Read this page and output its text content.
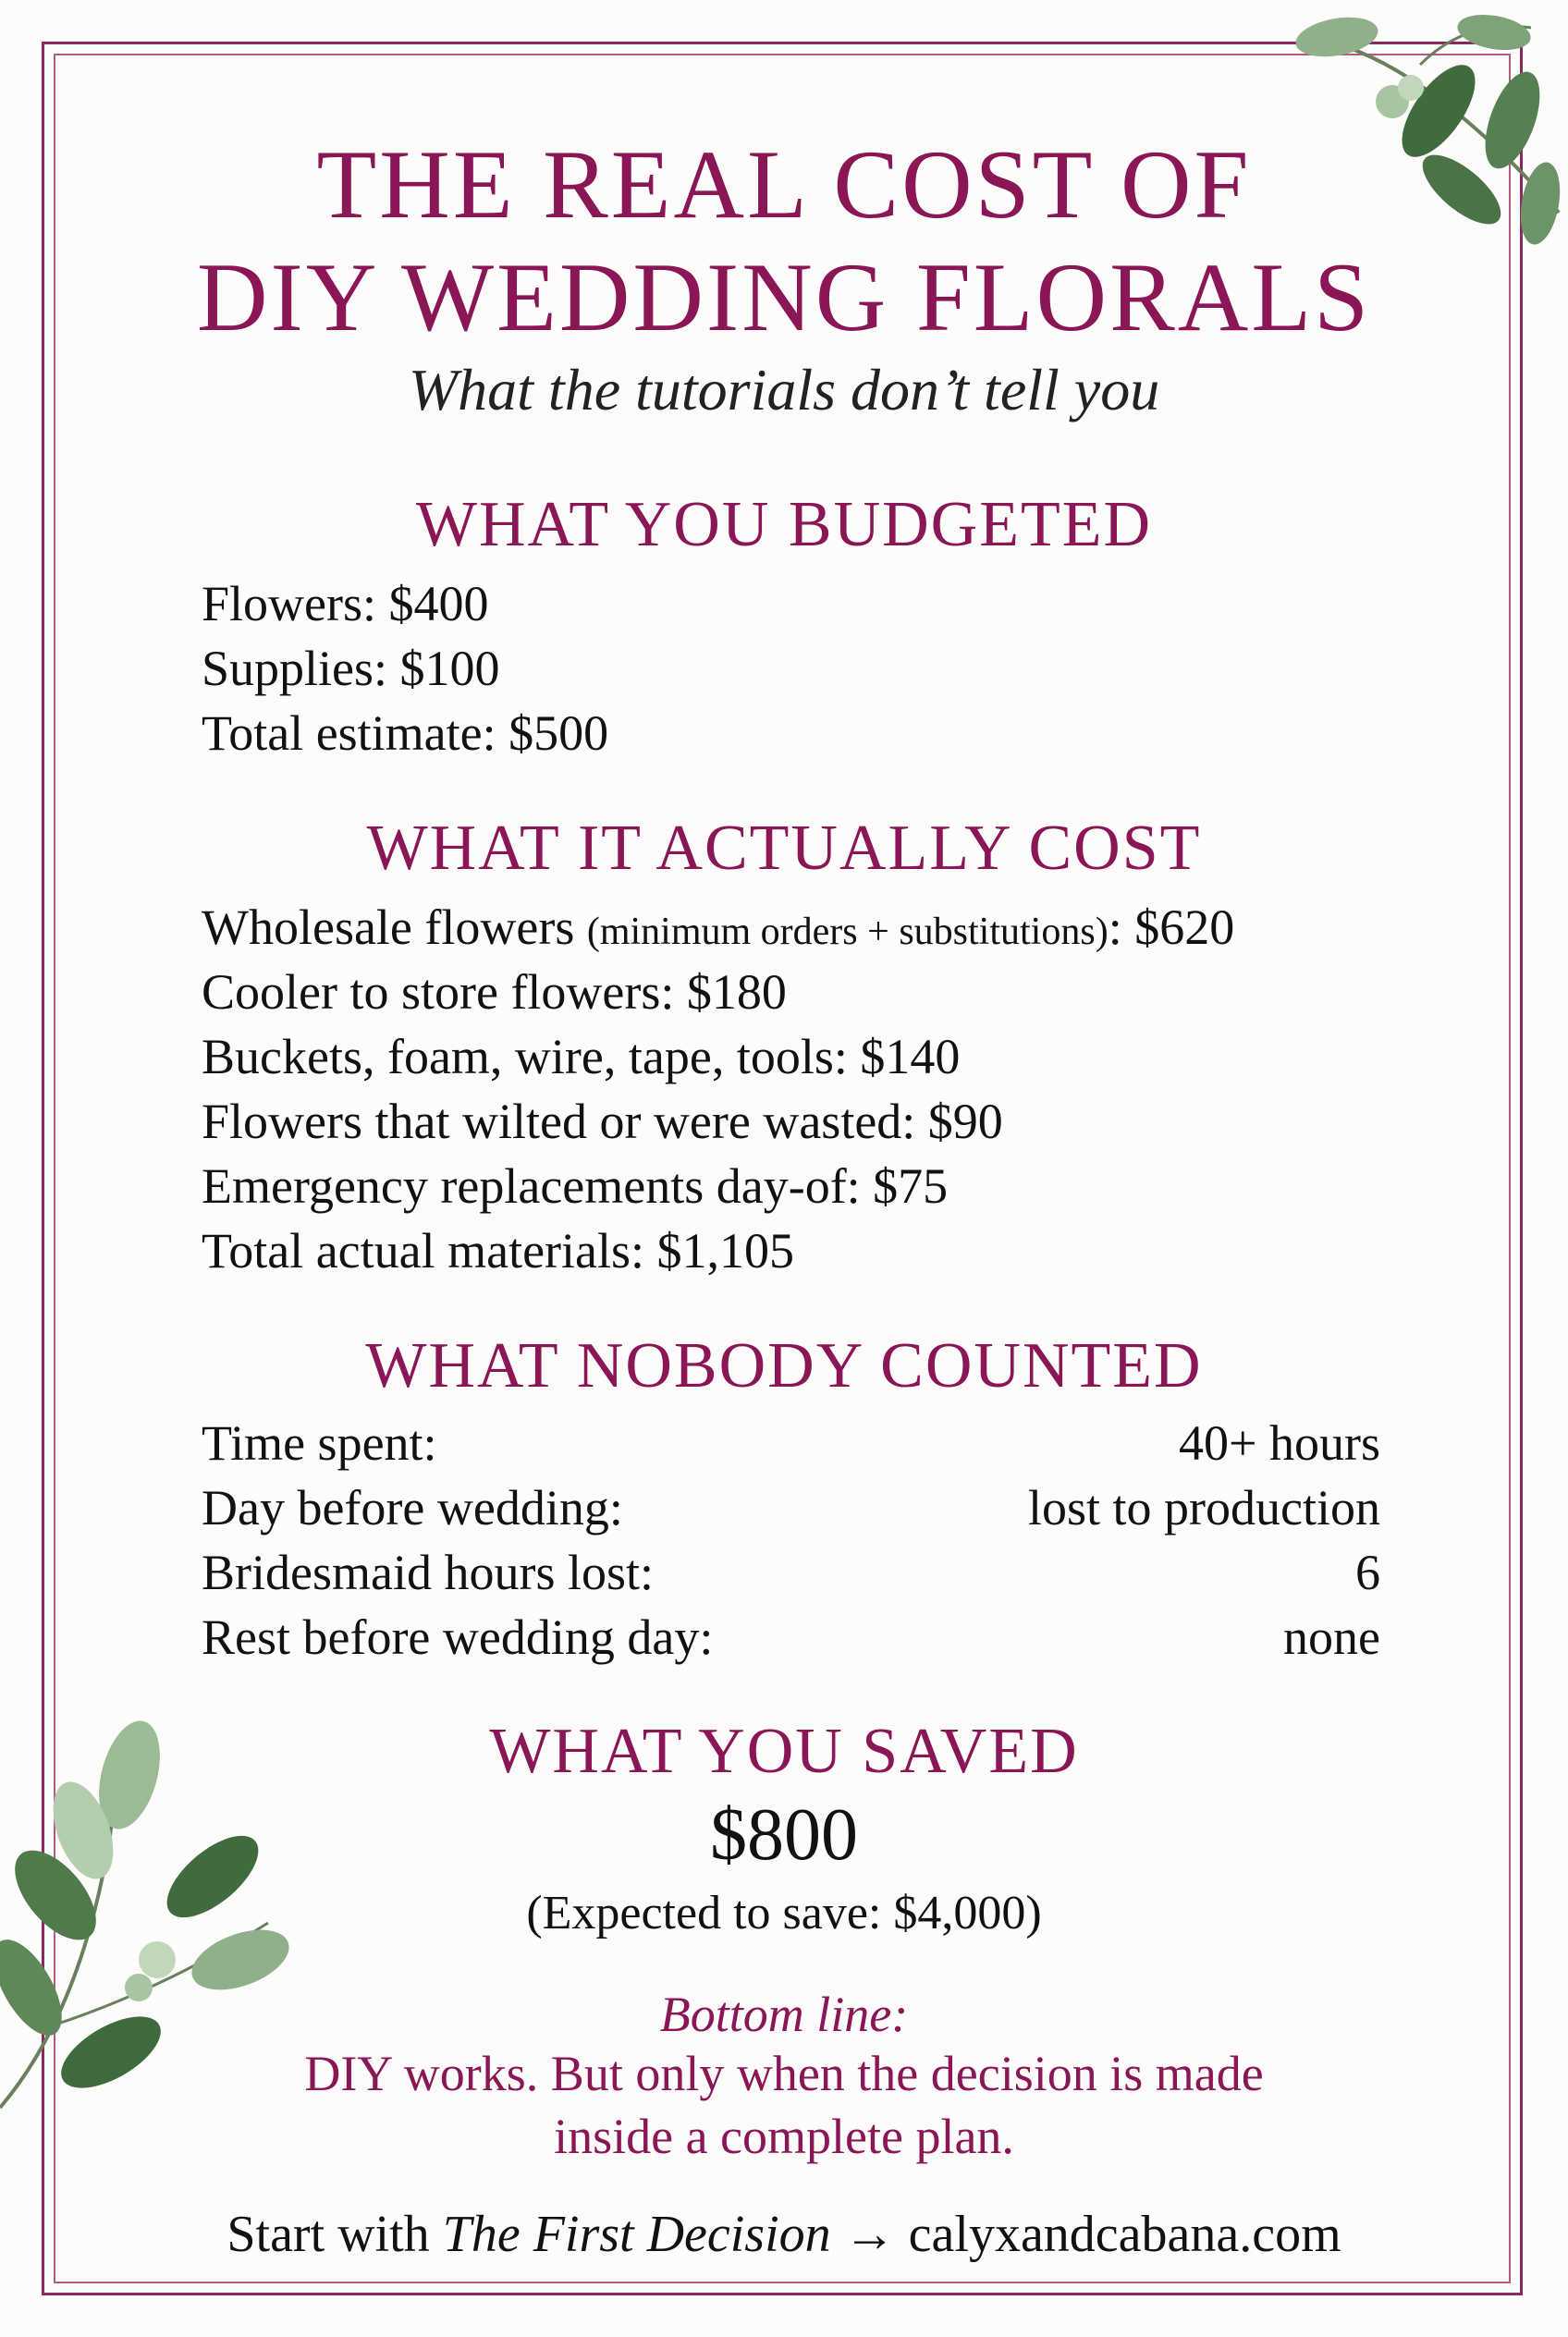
THE REAL COST OF
DIY WEDDING FLORALS
What the tutorials don’t tell you
WHAT YOU BUDGETED
Flowers: $400
Supplies: $100
Total estimate: $500
WHAT IT ACTUALLY COST
Wholesale flowers (minimum orders + substitutions): $620
Cooler to store flowers: $180
Buckets, foam, wire, tape, tools: $140
Flowers that wilted or were wasted: $90
Emergency replacements day-of: $75
Total actual materials: $1,105
WHAT NOBODY COUNTED
Time spent:	40+ hours
Day before wedding:	lost to production
Bridesmaid hours lost:	6
Rest before wedding day:	none
WHAT YOU SAVED
$800
(Expected to save: $4,000)
Bottom line:
DIY works. But only when the decision is made
inside a complete plan.
Start with The First Decision → calyxandcabana.com
